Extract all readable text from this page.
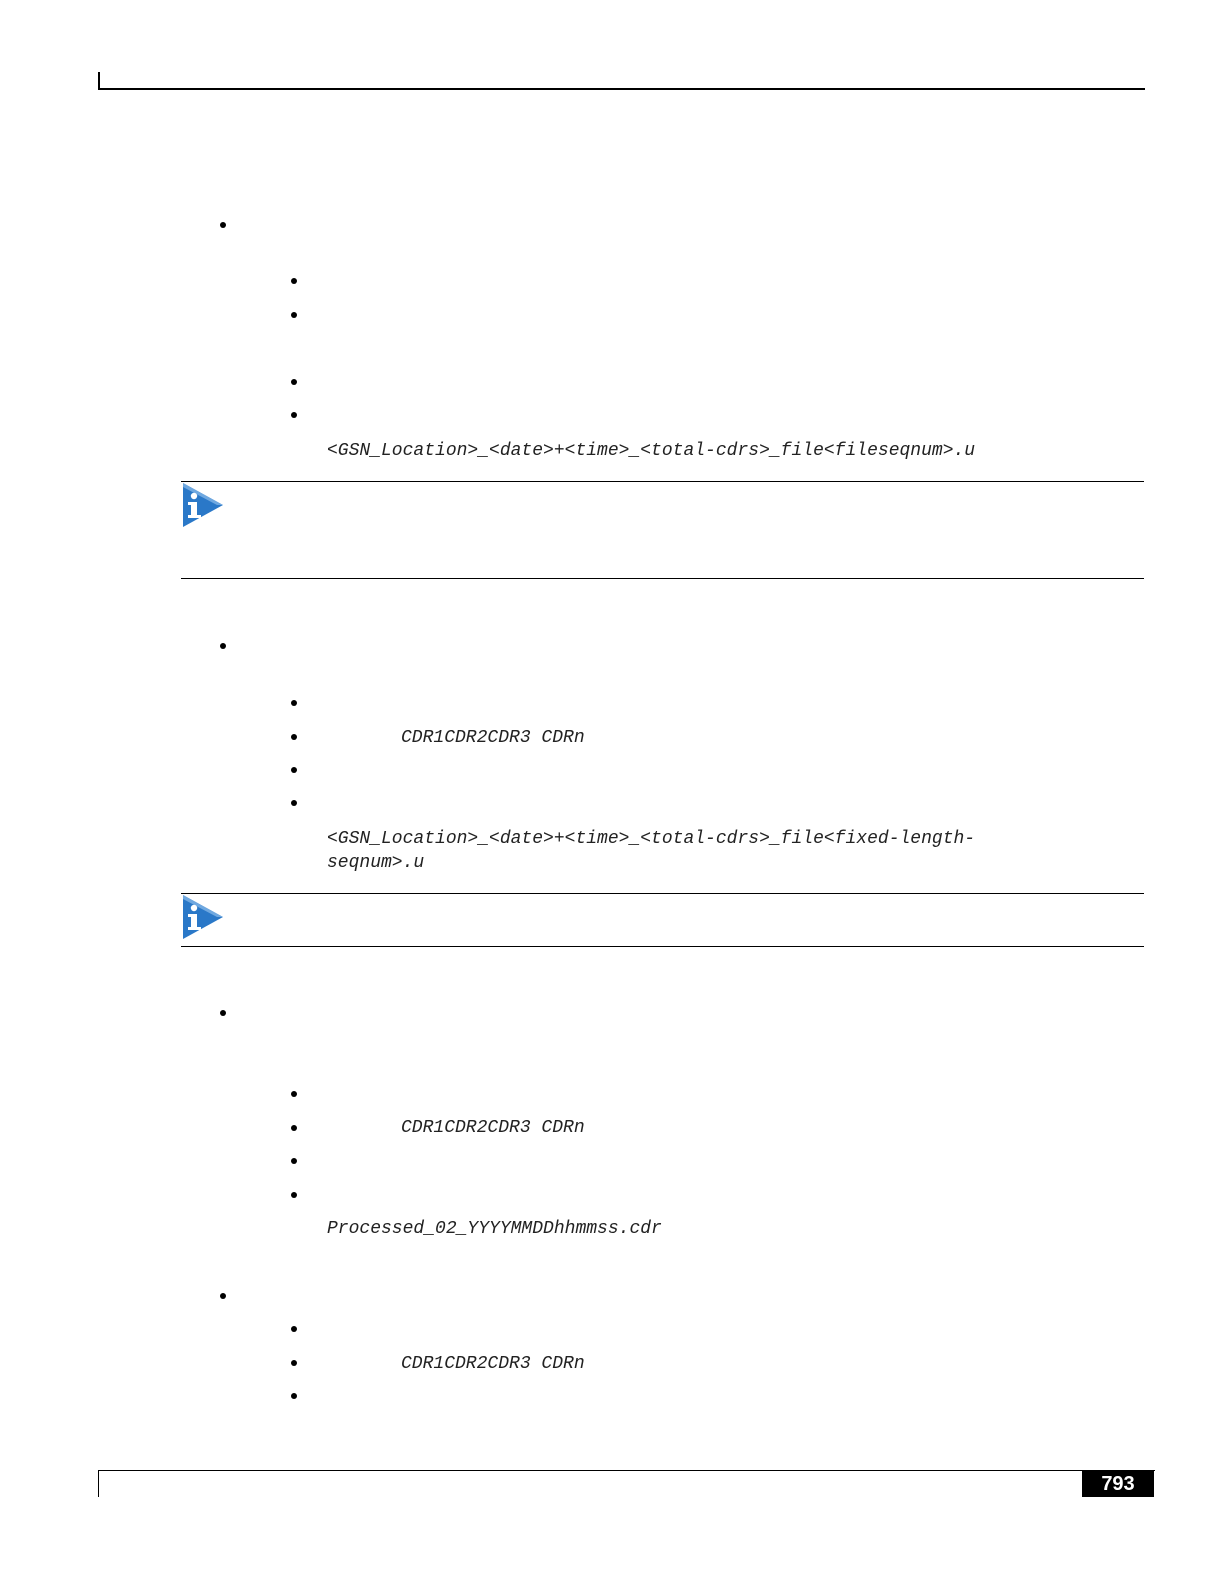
<GSN_Location>_<date>+<time>_<total-cdrs>_file<fileseqnum>.u
CDR1CDR2CDR3 CDRn
<GSN_Location>_<date>+<time>_<total-cdrs>_file<fixed-length-
seqnum>.u
CDR1CDR2CDR3 CDRn
Processed_02_YYYYMMDDhhmmss.cdr
CDR1CDR2CDR3 CDRn
793
